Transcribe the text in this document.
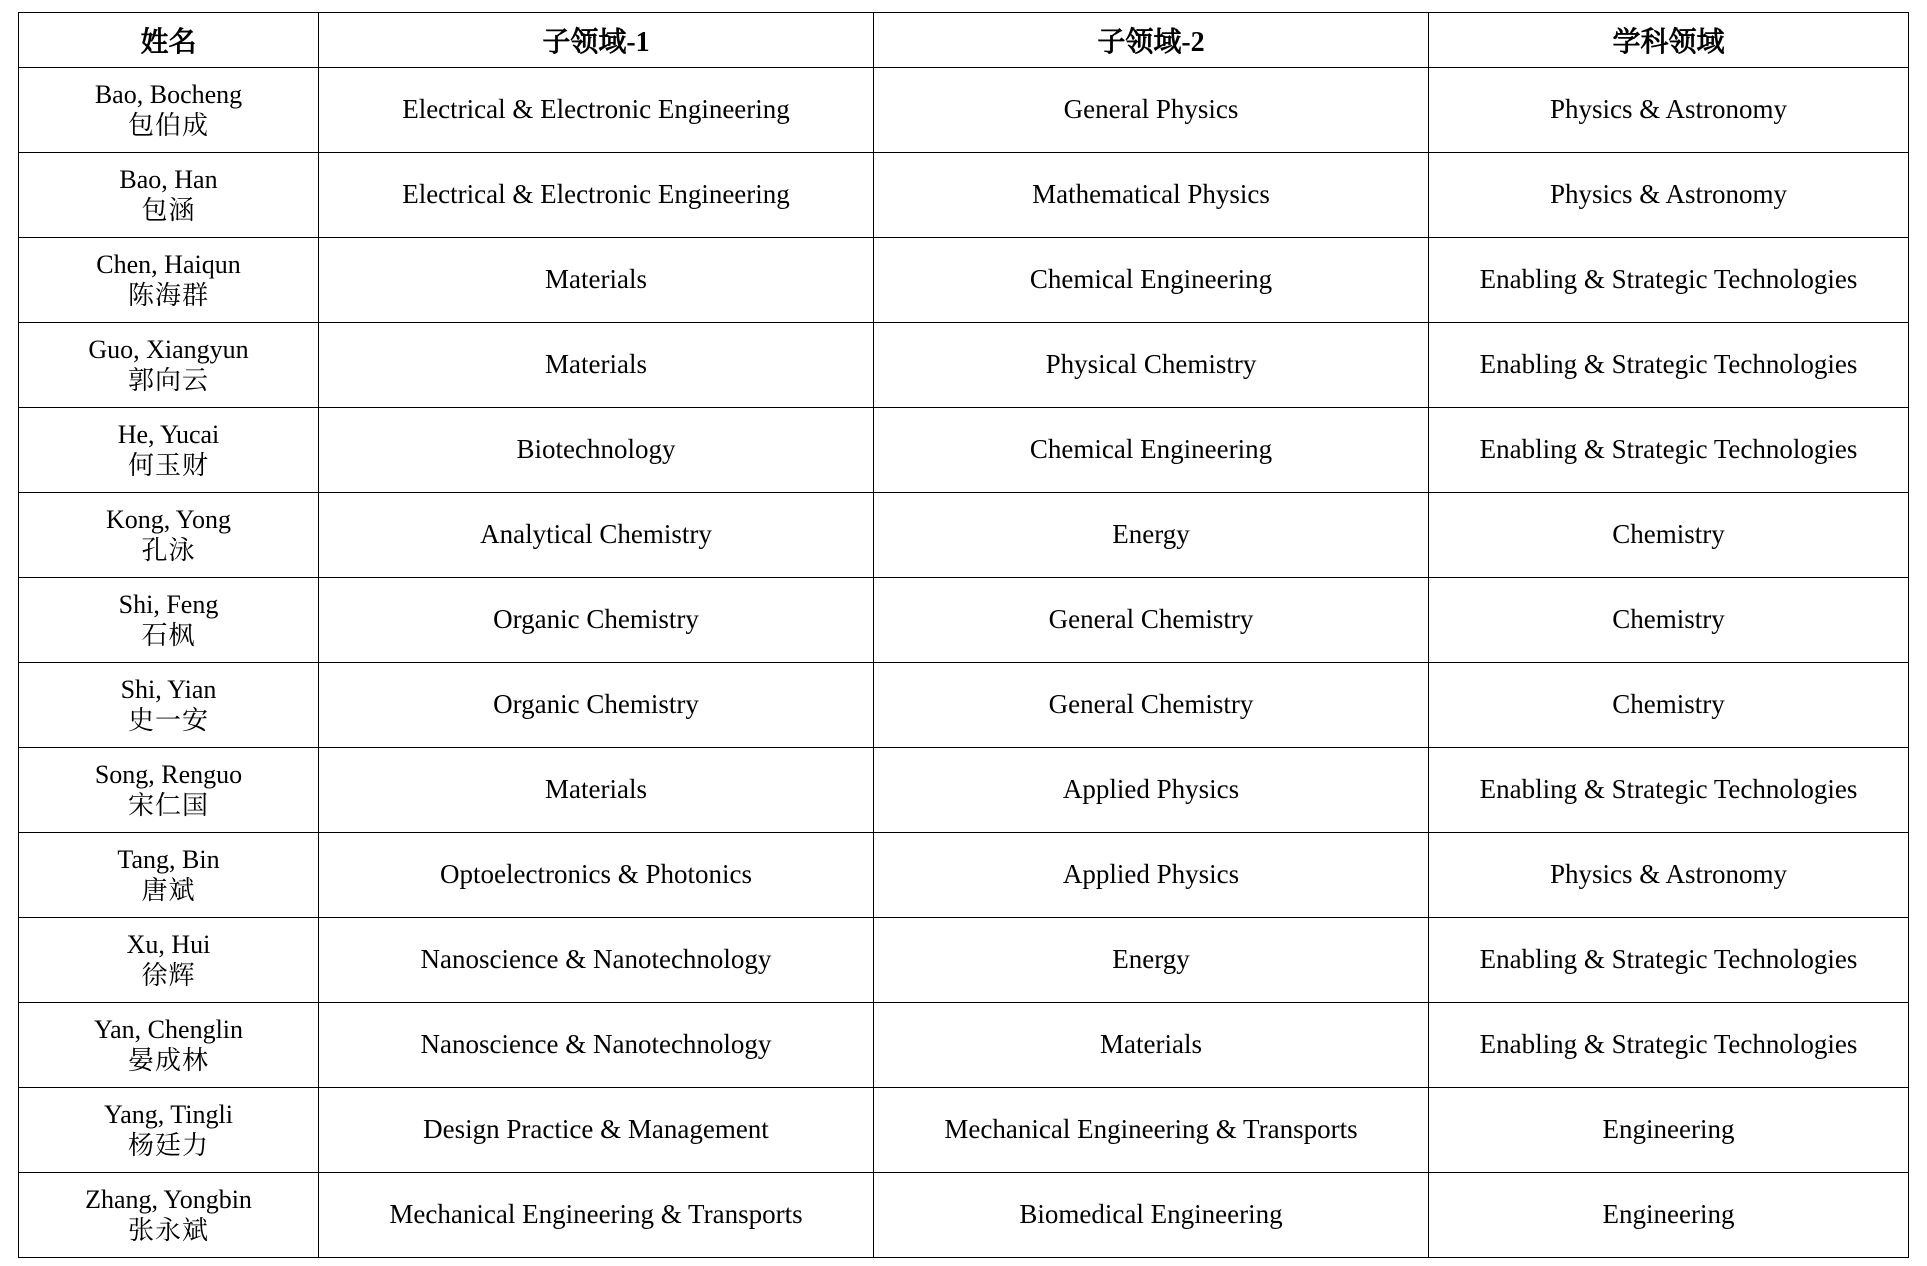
姓名	子领域-1	子领域-2	学科领域

Bao, Bocheng
包伯成	Electrical & Electronic Engineering	General Physics	Physics & Astronomy

Bao, Han
包涵	Electrical & Electronic Engineering	Mathematical Physics	Physics & Astronomy

Chen, Haiqun
陈海群	Materials	Chemical Engineering	Enabling & Strategic Technologies

Guo, Xiangyun
郭向云	Materials	Physical Chemistry	Enabling & Strategic Technologies

He, Yucai
何玉财	Biotechnology	Chemical Engineering	Enabling & Strategic Technologies

Kong, Yong
孔泳	Analytical Chemistry	Energy	Chemistry

Shi, Feng
石枫	Organic Chemistry	General Chemistry	Chemistry

Shi, Yian
史一安	Organic Chemistry	General Chemistry	Chemistry

Song, Renguo
宋仁国	Materials	Applied Physics	Enabling & Strategic Technologies

Tang, Bin
唐斌	Optoelectronics & Photonics	Applied Physics	Physics & Astronomy

Xu, Hui
徐辉	Nanoscience & Nanotechnology	Energy	Enabling & Strategic Technologies

Yan, Chenglin
晏成林	Nanoscience & Nanotechnology	Materials	Enabling & Strategic Technologies

Yang, Tingli
杨廷力	Design Practice & Management	Mechanical Engineering & Transports	Engineering

Zhang, Yongbin
张永斌	Mechanical Engineering & Transports	Biomedical Engineering	Engineering
